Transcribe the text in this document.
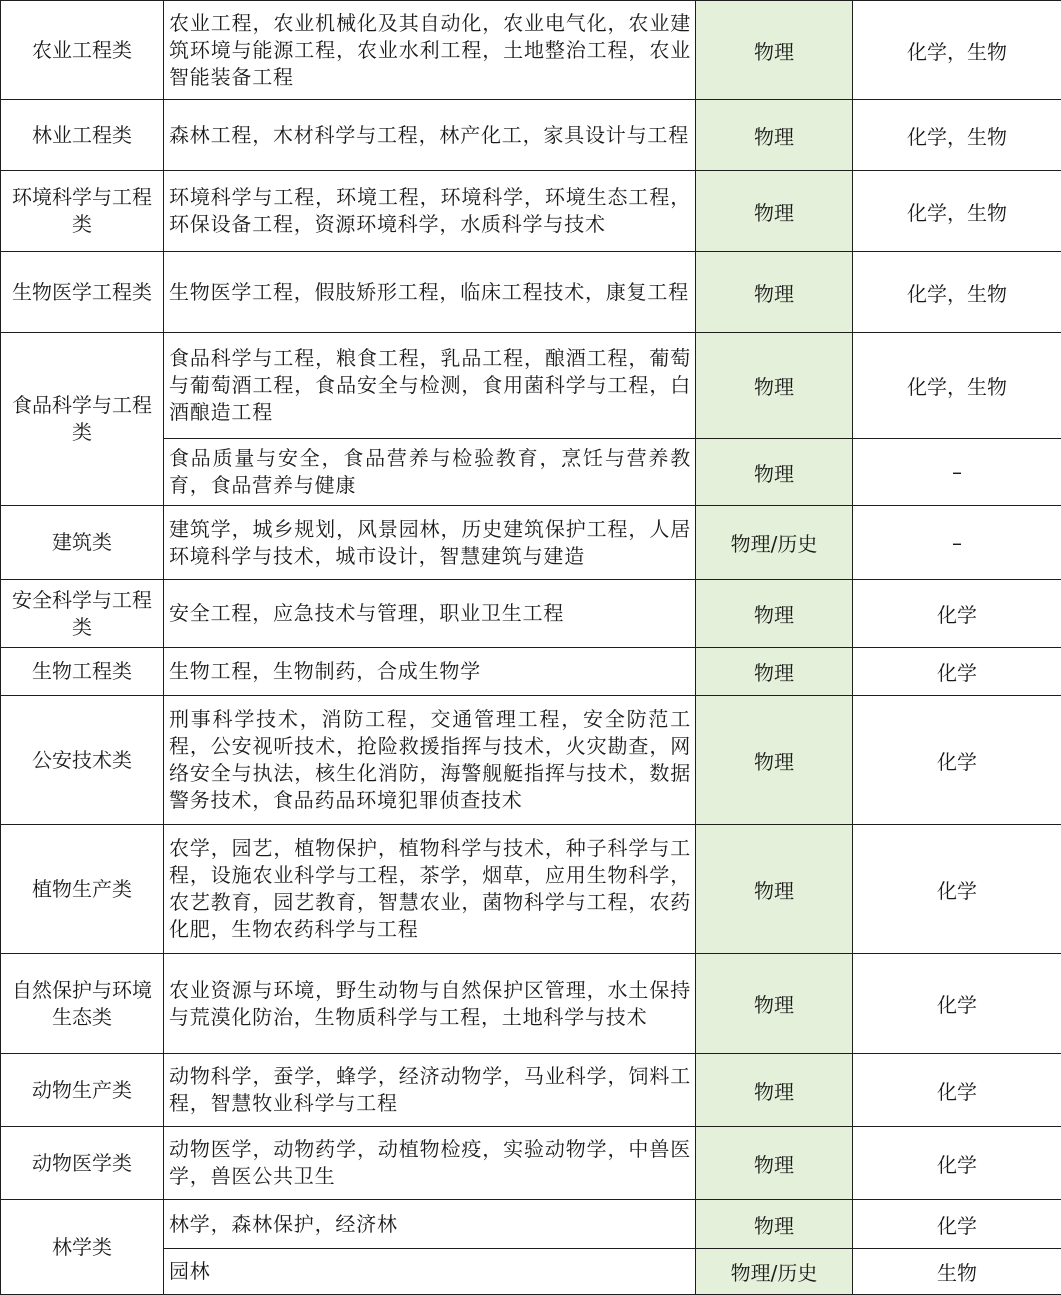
农业工程类	农业工程，农业机械化及其自动化，农业电气化，农业建筑环境与能源工程，农业水利工程，土地整治工程，农业智能装备工程	物理	化学，生物
林业工程类	森林工程，木材科学与工程，林产化工，家具设计与工程	物理	化学，生物
环境科学与工程类	环境科学与工程，环境工程，环境科学，环境生态工程，环保设备工程，资源环境科学，水质科学与技术	物理	化学，生物
生物医学工程类	生物医学工程，假肢矫形工程，临床工程技术，康复工程	物理	化学，生物
食品科学与工程类	食品科学与工程，粮食工程，乳品工程，酿酒工程，葡萄与葡萄酒工程，食品安全与检测，食用菌科学与工程，白酒酿造工程	物理	化学，生物
	食品质量与安全，食品营养与检验教育，烹饪与营养教育，食品营养与健康	物理	–
建筑类	建筑学，城乡规划，风景园林，历史建筑保护工程，人居环境科学与技术，城市设计，智慧建筑与建造	物理/历史	–
安全科学与工程类	安全工程，应急技术与管理，职业卫生工程	物理	化学
生物工程类	生物工程，生物制药，合成生物学	物理	化学
公安技术类	刑事科学技术，消防工程，交通管理工程，安全防范工程，公安视听技术，抢险救援指挥与技术，火灾勘查，网络安全与执法，核生化消防，海警舰艇指挥与技术，数据警务技术，食品药品环境犯罪侦查技术	物理	化学
植物生产类	农学，园艺，植物保护，植物科学与技术，种子科学与工程，设施农业科学与工程，茶学，烟草，应用生物科学，农艺教育，园艺教育，智慧农业，菌物科学与工程，农药化肥，生物农药科学与工程	物理	化学
自然保护与环境生态类	农业资源与环境，野生动物与自然保护区管理，水土保持与荒漠化防治，生物质科学与工程，土地科学与技术	物理	化学
动物生产类	动物科学，蚕学，蜂学，经济动物学，马业科学，饲料工程，智慧牧业科学与工程	物理	化学
动物医学类	动物医学，动物药学，动植物检疫，实验动物学，中兽医学，兽医公共卫生	物理	化学
林学类	林学，森林保护，经济林	物理	化学
	园林	物理/历史	生物
